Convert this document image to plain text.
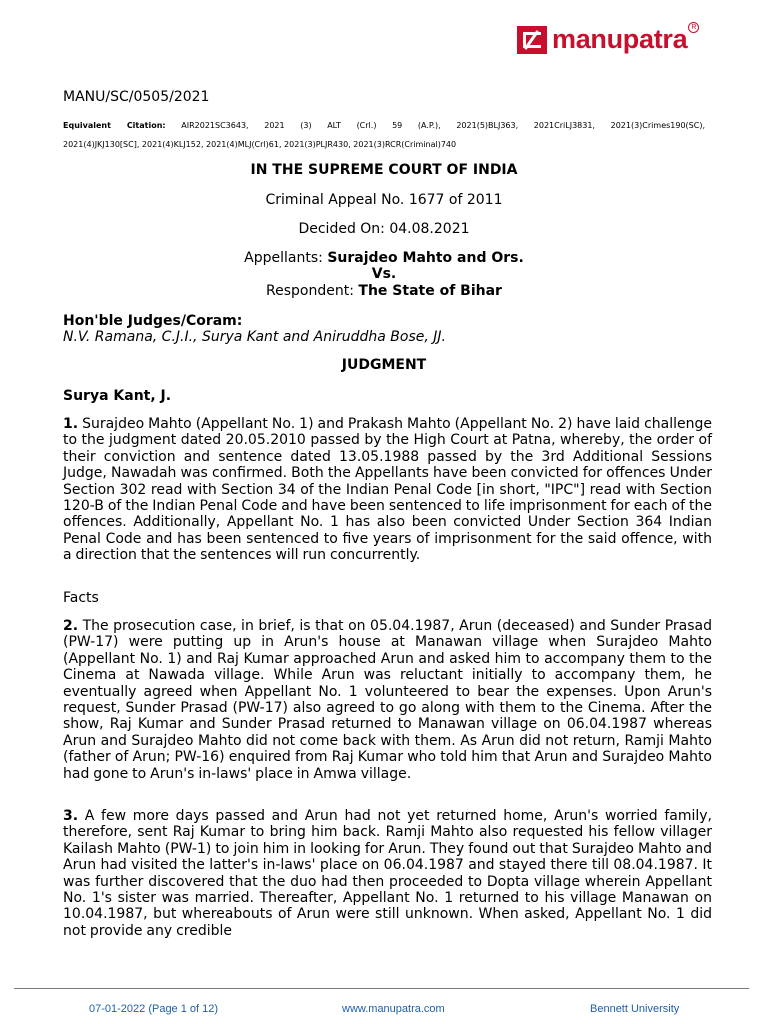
manupatra R
MANU/SC/0505/2021
Equivalent Citation: AIR2021SC3643, 2021 (3) ALT (Crl.) 59 (A.P.), 2021(5)BLJ363, 2021CriLJ3831, 2021(3)Crimes190(SC),
2021(4)JKJ130[SC], 2021(4)KLJ152, 2021(4)MLJ(Crl)61, 2021(3)PLJR430, 2021(3)RCR(Criminal)740
IN THE SUPREME COURT OF INDIA
Criminal Appeal No. 1677 of 2011
Decided On: 04.08.2021
Appellants: Surajdeo Mahto and Ors.
Vs.
Respondent: The State of Bihar
Hon'ble Judges/Coram:
N.V. Ramana, C.J.I., Surya Kant and Aniruddha Bose, JJ.
JUDGMENT
Surya Kant, J.
1. Surajdeo Mahto (Appellant No. 1) and Prakash Mahto (Appellant No. 2) have laid challenge to the judgment dated 20.05.2010 passed by the High Court at Patna, whereby, the order of their conviction and sentence dated 13.05.1988 passed by the 3rd Additional Sessions Judge, Nawadah was confirmed. Both the Appellants have been convicted for offences Under Section 302 read with Section 34 of the Indian Penal Code [in short, "IPC"] read with Section 120-B of the Indian Penal Code and have been sentenced to life imprisonment for each of the offences. Additionally, Appellant No. 1 has also been convicted Under Section 364 Indian Penal Code and has been sentenced to five years of imprisonment for the said offence, with a direction that the sentences will run concurrently.
Facts
2. The prosecution case, in brief, is that on 05.04.1987, Arun (deceased) and Sunder Prasad (PW-17) were putting up in Arun's house at Manawan village when Surajdeo Mahto (Appellant No. 1) and Raj Kumar approached Arun and asked him to accompany them to the Cinema at Nawada village. While Arun was reluctant initially to accompany them, he eventually agreed when Appellant No. 1 volunteered to bear the expenses. Upon Arun's request, Sunder Prasad (PW-17) also agreed to go along with them to the Cinema. After the show, Raj Kumar and Sunder Prasad returned to Manawan village on 06.04.1987 whereas Arun and Surajdeo Mahto did not come back with them. As Arun did not return, Ramji Mahto (father of Arun; PW-16) enquired from Raj Kumar who told him that Arun and Surajdeo Mahto had gone to Arun's in-laws' place in Amwa village.
3. A few more days passed and Arun had not yet returned home, Arun's worried family, therefore, sent Raj Kumar to bring him back. Ramji Mahto also requested his fellow villager Kailash Mahto (PW-1) to join him in looking for Arun. They found out that Surajdeo Mahto and Arun had visited the latter's in-laws' place on 06.04.1987 and stayed there till 08.04.1987. It was further discovered that the duo had then proceeded to Dopta village wherein Appellant No. 1's sister was married. Thereafter, Appellant No. 1 returned to his village Manawan on 10.04.1987, but whereabouts of Arun were still unknown. When asked, Appellant No. 1 did not provide any credible
07-01-2022 (Page 1 of 12)	www.manupatra.com	Bennett University
